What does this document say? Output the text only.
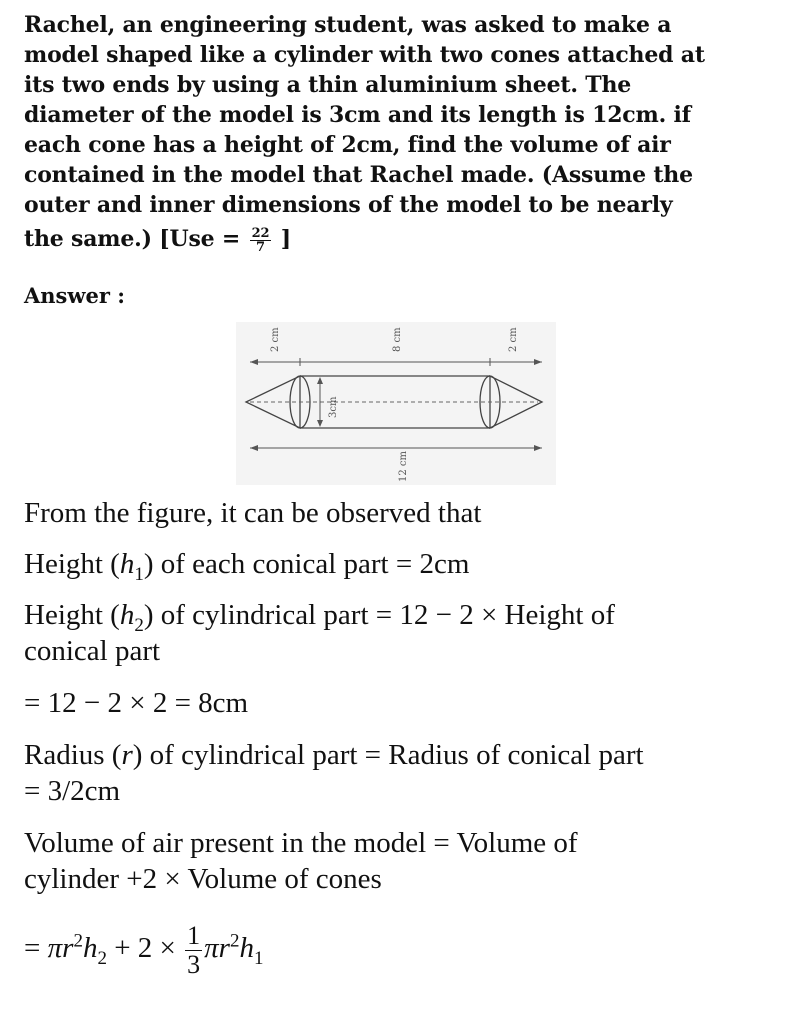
Rachel, an engineering student, was asked to make a
model shaped like a cylinder with two cones attached at
its two ends by using a thin aluminium sheet. The
diameter of the model is 3cm and its length is 12cm. if
each cone has a height of 2cm, find the volume of air
contained in the model that Rachel made. (Assume the
outer and inner dimensions of the model to be nearly
the same.) [$Use = \frac{22}{7}$ ]
Answer :
2 cm	8 cm	2 cm
3cm
12 cm
From the figure, it can be observed that
Height $(h_1)$ of each conical part = 2cm
Height $(h_2)$ of cylindrical part = 12 − 2 × Height of
conical part
= 12 − 2 × 2 = 8cm
Radius (r) of cylindrical part = Radius of conical part
= 3/2cm
Volume of air present in the model = Volume of
cylinder +2 × Volume of cones
= $\pi r^2h_2 + 2 \times \frac{1}{3} \pi r^2h_1$
